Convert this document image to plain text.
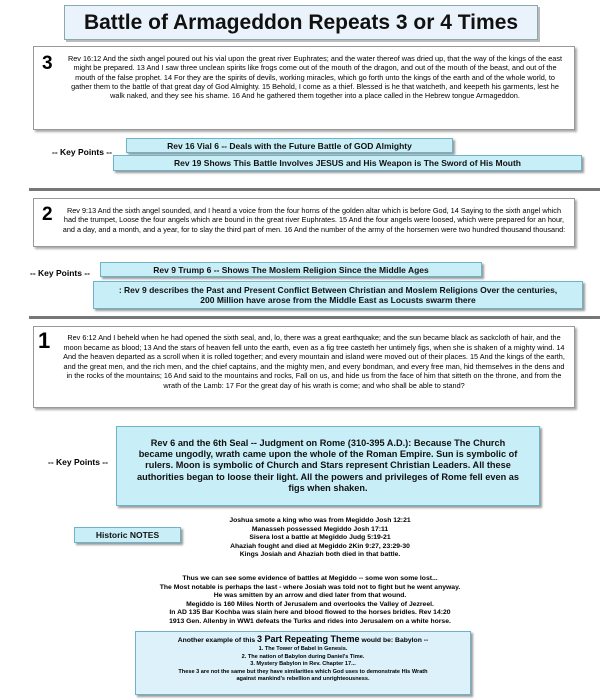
Battle of Armageddon Repeats 3 or 4 Times
3	Rev 16:12 And the sixth angel poured out his vial upon the great river Euphrates; and the water thereof was dried up, that the way of the kings of the east might be prepared. 13 And I saw three unclean spirits like frogs come out of the mouth of the dragon, and out of the mouth of the beast, and out of the mouth of the false prophet. 14 For they are the spirits of devils, working miracles, which go forth unto the kings of the earth and of the whole world, to gather them to the battle of that great day of God Almighty. 15 Behold, I come as a thief. Blessed is he that watcheth, and keepeth his garments, lest he walk naked, and they see his shame. 16 And he gathered them together into a place called in the Hebrew tongue Armageddon.
-- Key Points --
Rev 16 Vial 6 -- Deals with the Future Battle of GOD Almighty
Rev 19 Shows This Battle Involves JESUS and His Weapon is The Sword of His Mouth
2	Rev 9:13 And the sixth angel sounded, and I heard a voice from the four horns of the golden altar which is before God, 14 Saying to the sixth angel which had the trumpet, Loose the four angels which are bound in the great river Euphrates. 15 And the four angels were loosed, which were prepared for an hour, and a day, and a month, and a year, for to slay the third part of men. 16 And the number of the army of the horsemen were two hundred thousand thousand:
-- Key Points --	Rev 9 Trump 6 -- Shows The Moslem Religion Since the Middle Ages
: Rev 9 describes the Past and Present Conflict Between Christian and Moslem Religions Over the centuries, 200 Million have arose from the Middle East as Locusts swarm there
1	Rev 6:12 And I beheld when he had opened the sixth seal, and, lo, there was a great earthquake; and the sun became black as sackcloth of hair, and the moon became as blood; 13 And the stars of heaven fell unto the earth, even as a fig tree casteth her untimely figs, when she is shaken of a mighty wind. 14 And the heaven departed as a scroll when it is rolled together; and every mountain and island were moved out of their places. 15 And the kings of the earth, and the great men, and the rich men, and the chief captains, and the mighty men, and every bondman, and every free man, hid themselves in the dens and in the rocks of the mountains; 16 And said to the mountains and rocks, Fall on us, and hide us from the face of him that sitteth on the throne, and from the wrath of the Lamb: 17 For the great day of his wrath is come; and who shall be able to stand?
-- Key Points --
Rev 6 and the 6th Seal -- Judgment on Rome (310-395 A.D.): Because The Church became ungodly, wrath came upon the whole of the Roman Empire. Sun is symbolic of rulers. Moon is symbolic of Church and Stars represent Christian Leaders. All these authorities began to loose their light. All the powers and privileges of Rome fell even as figs when shaken.
Historic NOTES
Joshua smote a king who was from Megiddo Josh 12:21
Manasseh possessed Megiddo Josh 17:11
Sisera lost a battle at Megiddo Judg 5:19-21
Ahaziah fought and died at Megiddo 2Kin 9:27, 23:29-30
Kings Josiah and Ahaziah both died in that battle.
Thus we can see some evidence of battles at Megiddo -- some won some lost...
The Most notable is perhaps the last - where Josiah was told not to fight but he went anyway.
He was smitten by an arrow and died later from that wound.
Megiddo is 160 Miles North of Jerusalem and overlooks the Valley of Jezreel.
In AD 135 Bar Kochba was slain here and blood flowed to the horses bridles. Rev 14:20
1913 Gen. Allenby in WW1 defeats the Turks and rides into Jerusalem on a white horse.
Another example of this 3 Part Repeating Theme would be: Babylon --
1. The Tower of Babel in Genesis.
2. The nation of Babylon during Daniel's Time.
3. Mystery Babylon in Rev. Chapter 17...
These 3 are not the same but they have similarities which God uses to demonstrate His Wrath
against mankind's rebellion and unrighteousness.
